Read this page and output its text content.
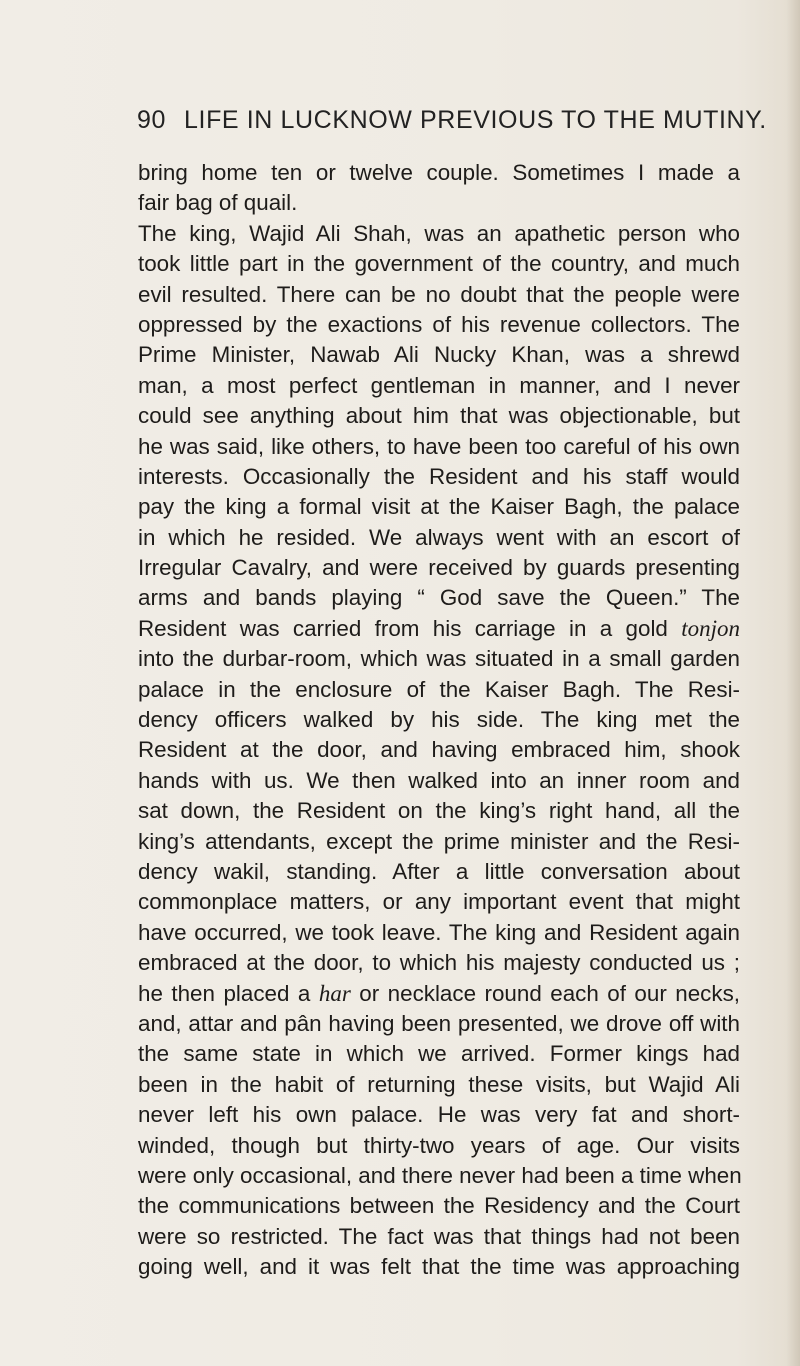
90 LIFE IN LUCKNOW PREVIOUS TO THE MUTINY.
bring home ten or twelve couple. Sometimes I made a
fair bag of quail.
The king, Wajid Ali Shah, was an apathetic person who
took little part in the government of the country, and much
evil resulted. There can be no doubt that the people were
oppressed by the exactions of his revenue collectors. The
Prime Minister, Nawab Ali Nucky Khan, was a shrewd
man, a most perfect gentleman in manner, and I never
could see anything about him that was objectionable, but
he was said, like others, to have been too careful of his own
interests. Occasionally the Resident and his staff would
pay the king a formal visit at the Kaiser Bagh, the palace
in which he resided. We always went with an escort of
Irregular Cavalry, and were received by guards presenting
arms and bands playing “ God save the Queen.” The
Resident was carried from his carriage in a gold tonjon
into the durbar-room, which was situated in a small garden
palace in the enclosure of the Kaiser Bagh. The Resi-
dency officers walked by his side. The king met the
Resident at the door, and having embraced him, shook
hands with us. We then walked into an inner room and
sat down, the Resident on the king’s right hand, all the
king’s attendants, except the prime minister and the Resi-
dency wakil, standing. After a little conversation about
commonplace matters, or any important event that might
have occurred, we took leave. The king and Resident again
embraced at the door, to which his majesty conducted us ;
he then placed a har or necklace round each of our necks,
and, attar and pân having been presented, we drove off with
the same state in which we arrived. Former kings had
been in the habit of returning these visits, but Wajid Ali
never left his own palace. He was very fat and short-
winded, though but thirty-two years of age. Our visits
were only occasional, and there never had been a time when
the communications between the Residency and the Court
were so restricted. The fact was that things had not been
going well, and it was felt that the time was approaching
